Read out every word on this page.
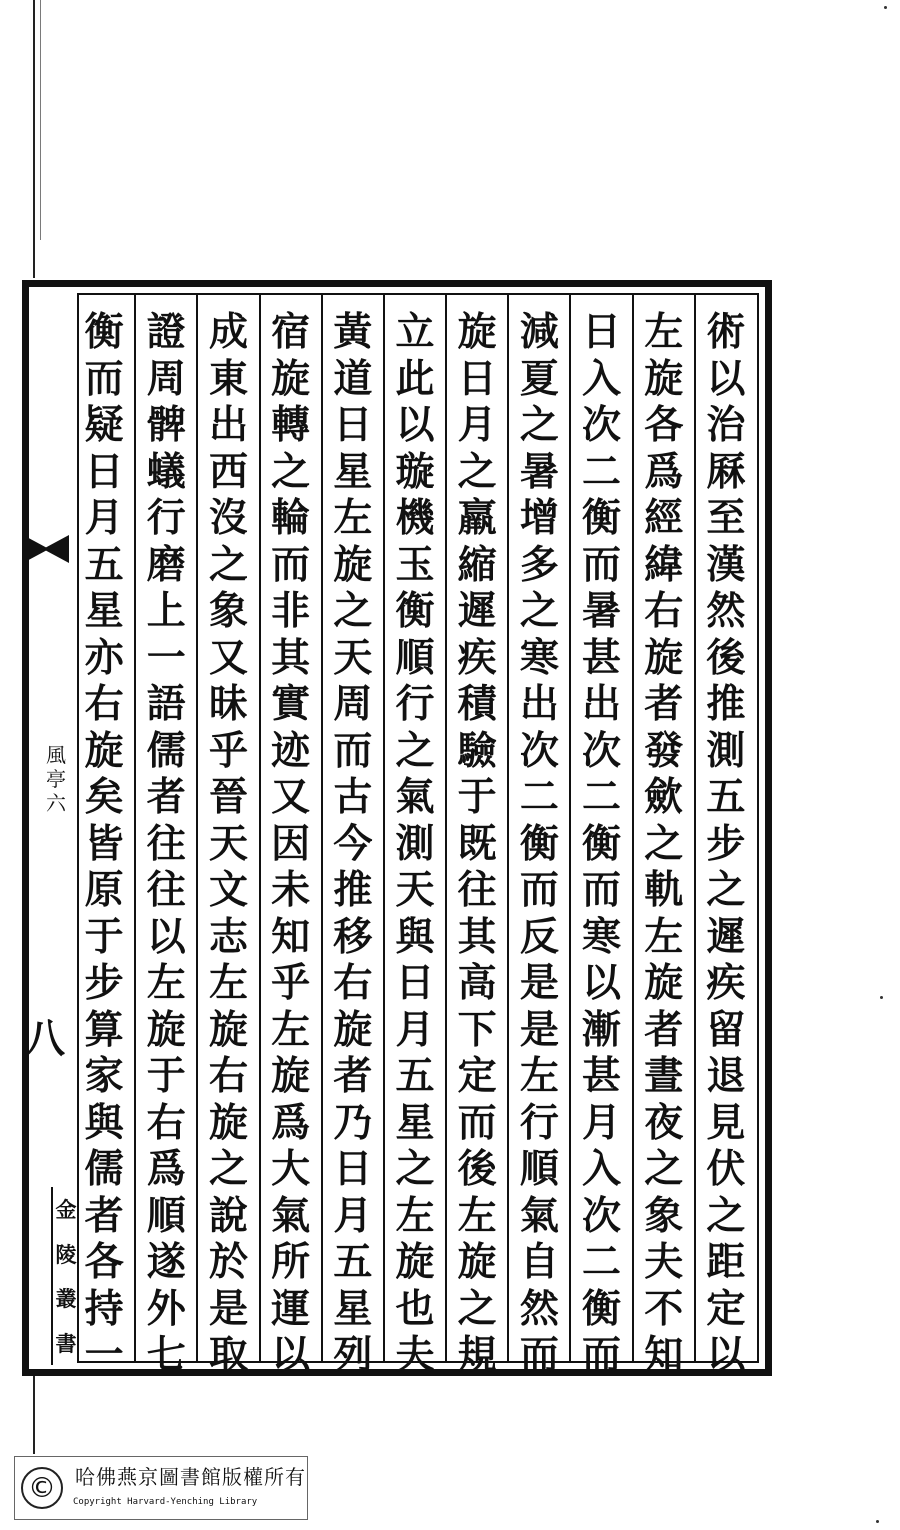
風
亭
六
八
金
陵
叢
書
術
以
治
厤
至
漢
然
後
推
測
五
步
之
遲
疾
留
退
見
伏
之
距
定
以
左
旋
各
爲
經
緯
右
旋
者
發
歛
之
軌
左
旋
者
晝
夜
之
象
夫
不
知
日
入
次
二
衡
而
暑
甚
出
次
二
衡
而
寒
以
漸
甚
月
入
次
二
衡
而
減
夏
之
暑
增
多
之
寒
出
次
二
衡
而
反
是
是
左
行
順
氣
自
然
而
旋
日
月
之
羸
縮
遲
疾
積
驗
于
既
往
其
高
下
定
而
後
左
旋
之
規
立
此
以
璇
機
玉
衡
順
行
之
氣
測
天
與
日
月
五
星
之
左
旋
也
夫
黃
道
日
星
左
旋
之
天
周
而
古
今
推
移
右
旋
者
乃
日
月
五
星
列
宿
旋
轉
之
輪
而
非
其
實
迹
又
因
未
知
乎
左
旋
爲
大
氣
所
運
以
成
東
出
西
沒
之
象
又
昧
乎
晉
天
文
志
左
旋
右
旋
之
說
於
是
取
證
周
髀
蟻
行
磨
上
一
語
儒
者
往
往
以
左
旋
于
右
爲
順
遂
外
七
衡
而
疑
日
月
五
星
亦
右
旋
矣
皆
原
于
步
算
家
與
儒
者
各
持
一
© 哈佛燕京圖書館版權所有
Copyright Harvard-Yenching Library
